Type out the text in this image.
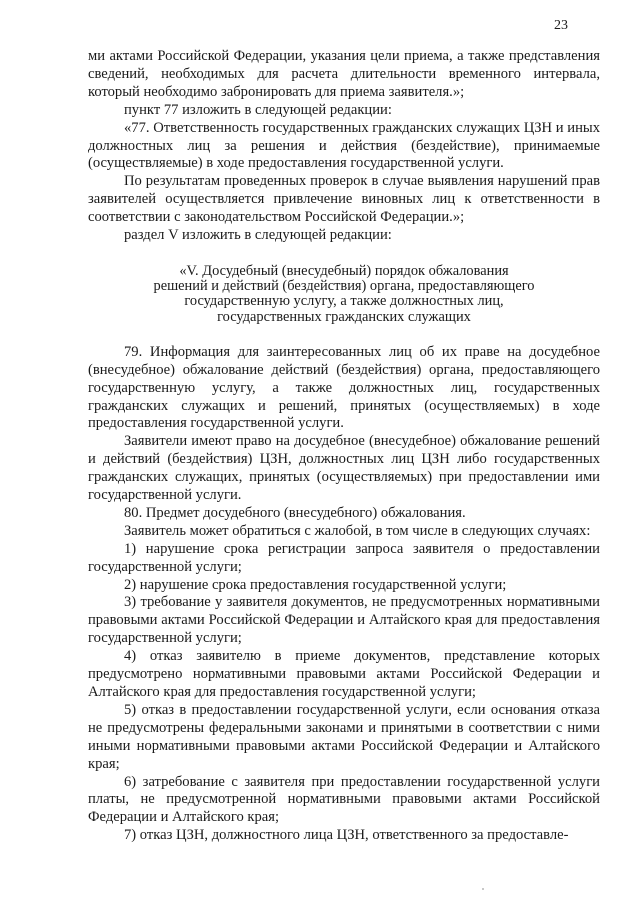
23

ми актами Российской Федерации, указания цели приема, а также представления сведений, необходимых для расчета длительности временного интервала, который необходимо забронировать для приема заявителя.»;

пункт 77 изложить в следующей редакции:

«77. Ответственность государственных гражданских служащих ЦЗН и иных должностных лиц за решения и действия (бездействие), принимаемые (осуществляемые) в ходе предоставления государственной услуги.

По результатам проведенных проверок в случае выявления нарушений прав заявителей осуществляется привлечение виновных лиц к ответственности в соответствии с законодательством Российской Федерации.»;

раздел V изложить в следующей редакции:

«V. Досудебный (внесудебный) порядок обжалования
решений и действий (бездействия) органа, предоставляющего
государственную услугу, а также должностных лиц,
государственных гражданских служащих

79. Информация для заинтересованных лиц об их праве на досудебное (внесудебное) обжалование действий (бездействия) органа, предоставляющего государственную услугу, а также должностных лиц, государственных гражданских служащих и решений, принятых (осуществляемых) в ходе предоставления государственной услуги.

Заявители имеют право на досудебное (внесудебное) обжалование решений и действий (бездействия) ЦЗН, должностных лиц ЦЗН либо государственных гражданских служащих, принятых (осуществляемых) при предоставлении ими государственной услуги.

80. Предмет досудебного (внесудебного) обжалования.

Заявитель может обратиться с жалобой, в том числе в следующих случаях:

1) нарушение срока регистрации запроса заявителя о предоставлении государственной услуги;

2) нарушение срока предоставления государственной услуги;

3) требование у заявителя документов, не предусмотренных нормативными правовыми актами Российской Федерации и Алтайского края для предоставления государственной услуги;

4) отказ заявителю в приеме документов, представление которых предусмотрено нормативными правовыми актами Российской Федерации и Алтайского края для предоставления государственной услуги;

5) отказ в предоставлении государственной услуги, если основания отказа не предусмотрены федеральными законами и принятыми в соответствии с ними иными нормативными правовыми актами Российской Федерации и Алтайского края;

6) затребование с заявителя при предоставлении государственной услуги платы, не предусмотренной нормативными правовыми актами Российской Федерации и Алтайского края;

7) отказ ЦЗН, должностного лица ЦЗН, ответственного за предоставле-
